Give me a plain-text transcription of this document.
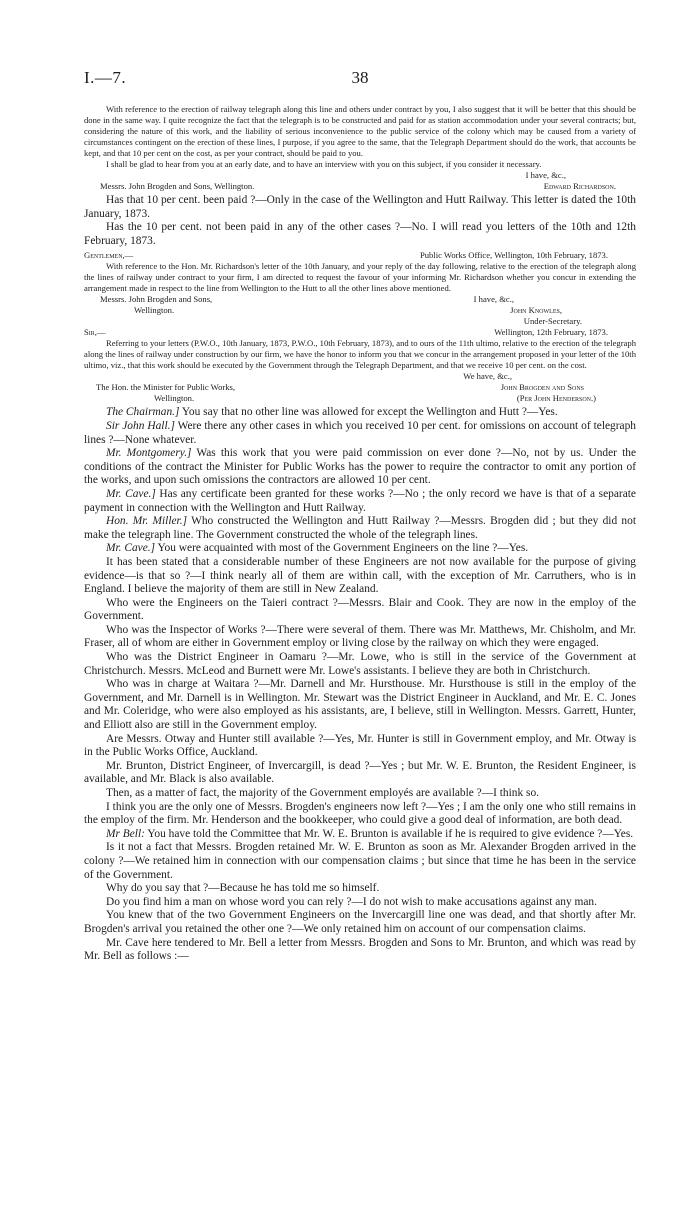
I.—7.	38

With reference to the erection of railway telegraph along this line and others under contract by you, I also suggest that it will be better that this should be done in the same way. I quite recognize the fact that the telegraph is to be constructed and paid for as station accommodation under your several contracts; but, considering the nature of this work, and the liability of serious inconvenience to the public service of the colony which may be caused from a variety of circumstances contingent on the erection of these lines, I purpose, if you agree to the same, that the Telegraph Department should do the work, that accounts be kept, and that 10 per cent on the cost, as per your contract, should be paid to you.

I shall be glad to hear from you at an early date, and to have an interview with you on this subject, if you consider it necessary.

I have, &c.,
Messrs. John Brogden and Sons, Wellington.	Edward Richardson.

Has that 10 per cent. been paid ?—Only in the case of the Wellington and Hutt Railway. This letter is dated the 10th January, 1873.

Has the 10 per cent. not been paid in any of the other cases ?—No. I will read you letters of the 10th and 12th February, 1873.

Gentlemen,—	Public Works Office, Wellington, 10th February, 1873.

With reference to the Hon. Mr. Richardson's letter of the 10th January, and your reply of the day following, relative to the erection of the telegraph along the lines of railway under contract to your firm, I am directed to request the favour of your informing Mr. Richardson whether you concur in extending the arrangement made in respect to the line from Wellington to the Hutt to all the other lines above mentioned.

Messrs. John Brogden and Sons,	I have, &c.,
Wellington.	John Knowles,
Under-Secretary.
Sir,—	Wellington, 12th February, 1873.

Referring to your letters (P.W.O., 10th January, 1873, P.W.O., 10th February, 1873), and to ours of the 11th ultimo, relative to the erection of the telegraph along the lines of railway under construction by our firm, we have the honor to inform you that we concur in the arrangement proposed in your letter of the 10th ultimo, viz., that this work should be executed by the Government through the Telegraph Department, and that we receive 10 per cent. on the cost.

We have, &c.,
The Hon. the Minister for Public Works,	John Brogden and Sons
Wellington.	(Per John Henderson.)

The Chairman.] You say that no other line was allowed for except the Wellington and Hutt ?—Yes.

Sir John Hall.] Were there any other cases in which you received 10 per cent. for omissions on account of telegraph lines ?—None whatever.

Mr. Montgomery.] Was this work that you were paid commission on ever done ?—No, not by us. Under the conditions of the contract the Minister for Public Works has the power to require the contractor to omit any portion of the works, and upon such omissions the contractors are allowed 10 per cent.

Mr. Cave.] Has any certificate been granted for these works ?—No ; the only record we have is that of a separate payment in connection with the Wellington and Hutt Railway.

Hon. Mr. Miller.] Who constructed the Wellington and Hutt Railway ?—Messrs. Brogden did ; but they did not make the telegraph line. The Government constructed the whole of the telegraph lines.

Mr. Cave.] You were acquainted with most of the Government Engineers on the line ?—Yes.

It has been stated that a considerable number of these Engineers are not now available for the purpose of giving evidence—is that so ?—I think nearly all of them are within call, with the exception of Mr. Carruthers, who is in England. I believe the majority of them are still in New Zealand.

Who were the Engineers on the Taieri contract ?—Messrs. Blair and Cook. They are now in the employ of the Government.

Who was the Inspector of Works ?—There were several of them. There was Mr. Matthews, Mr. Chisholm, and Mr. Fraser, all of whom are either in Government employ or living close by the railway on which they were engaged.

Who was the District Engineer in Oamaru ?—Mr. Lowe, who is still in the service of the Government at Christchurch. Messrs. McLeod and Burnett were Mr. Lowe's assistants. I believe they are both in Christchurch.

Who was in charge at Waitara ?—Mr. Darnell and Mr. Hursthouse. Mr. Hursthouse is still in the employ of the Government, and Mr. Darnell is in Wellington. Mr. Stewart was the District Engineer in Auckland, and Mr. E. C. Jones and Mr. Coleridge, who were also employed as his assistants, are, I believe, still in Wellington. Messrs. Garrett, Hunter, and Elliott also are still in the Government employ.

Are Messrs. Otway and Hunter still available ?—Yes, Mr. Hunter is still in Government employ, and Mr. Otway is in the Public Works Office, Auckland.

Mr. Brunton, District Engineer, of Invercargill, is dead ?—Yes ; but Mr. W. E. Brunton, the Resident Engineer, is available, and Mr. Black is also available.

Then, as a matter of fact, the majority of the Government employés are available ?—I think so.

I think you are the only one of Messrs. Brogden's engineers now left ?—Yes ; I am the only one who still remains in the employ of the firm. Mr. Henderson and the bookkeeper, who could give a good deal of information, are both dead.

Mr Bell: You have told the Committee that Mr. W. E. Brunton is available if he is required to give evidence ?—Yes.

Is it not a fact that Messrs. Brogden retained Mr. W. E. Brunton as soon as Mr. Alexander Brogden arrived in the colony ?—We retained him in connection with our compensation claims ; but since that time he has been in the service of the Government.

Why do you say that ?—Because he has told me so himself.

Do you find him a man on whose word you can rely ?—I do not wish to make accusations against any man.

You knew that of the two Government Engineers on the Invercargill line one was dead, and that shortly after Mr. Brogden's arrival you retained the other one ?—We only retained him on account of our compensation claims.

Mr. Cave here tendered to Mr. Bell a letter from Messrs. Brogden and Sons to Mr. Brunton, and which was read by Mr. Bell as follows :—
